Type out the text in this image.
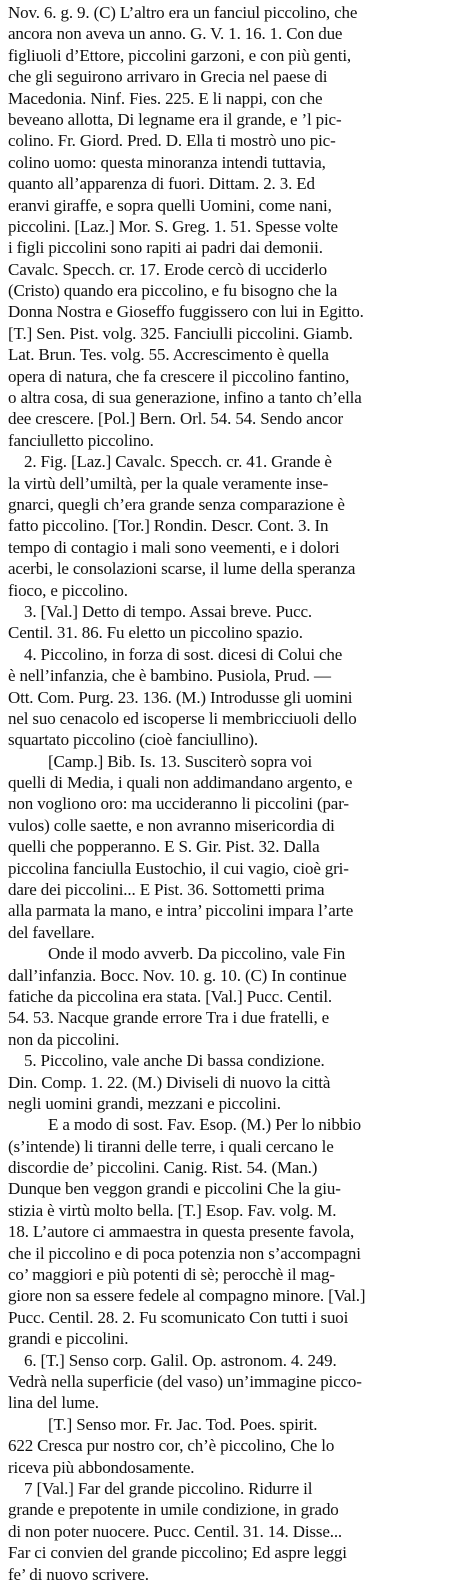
Nov. 6. g. 9. (C) L’altro era un fanciul piccolino, che
ancora non aveva un anno. G. V. 1. 16. 1. Con due
figliuoli d’Ettore, piccolini garzoni, e con più genti,
che gli seguirono arrivaro in Grecia nel paese di
Macedonia. Ninf. Fies. 225. E li nappi, con che
beveano allotta, Di legname era il grande, e ’l pic-
colino. Fr. Giord. Pred. D. Ella ti mostrò uno pic-
colino uomo: questa minoranza intendi tuttavia,
quanto all’apparenza di fuori. Dittam. 2. 3. Ed
eranvi giraffe, e sopra quelli Uomini, come nani,
piccolini. [Laz.] Mor. S. Greg. 1. 51. Spesse volte
i figli piccolini sono rapiti ai padri dai demonii.
Cavalc. Specch. cr. 17. Erode cercò di ucciderlo
(Cristo) quando era piccolino, e fu bisogno che la
Donna Nostra e Gioseffo fuggissero con lui in Egitto.
[T.] Sen. Pist. volg. 325. Fanciulli piccolini. Giamb.
Lat. Brun. Tes. volg. 55. Accrescimento è quella
opera di natura, che fa crescere il piccolino fantino,
o altra cosa, di sua generazione, infino a tanto ch’ella
dee crescere. [Pol.] Bern. Orl. 54. 54. Sendo ancor
fanciulletto piccolino.
2. Fig. [Laz.] Cavalc. Specch. cr. 41. Grande è
la virtù dell’umiltà, per la quale veramente inse-
gnarci, quegli ch’era grande senza comparazione è
fatto piccolino. [Tor.] Rondin. Descr. Cont. 3. In
tempo di contagio i mali sono veementi, e i dolori
acerbi, le consolazioni scarse, il lume della speranza
fioco, e piccolino.
3. [Val.] Detto di tempo. Assai breve. Pucc.
Centil. 31. 86. Fu eletto un piccolino spazio.
4. Piccolino, in forza di sost. dicesi di Colui che
è nell’infanzia, che è bambino. Pusiola, Prud. —
Ott. Com. Purg. 23. 136. (M.) Introdusse gli uomini
nel suo cenacolo ed iscoperse li membricciuoli dello
squartato piccolino (cioè fanciullino).
[Camp.] Bib. Is. 13. Susciterò sopra voi
quelli di Media, i quali non addimandano argento, e
non vogliono oro: ma uccideranno li piccolini (par-
vulos) colle saette, e non avranno misericordia di
quelli che popperanno. E S. Gir. Pist. 32. Dalla
piccolina fanciulla Eustochio, il cui vagio, cioè gri-
dare dei piccolini... E Pist. 36. Sottometti prima
alla parmata la mano, e intra’ piccolini impara l’arte
del favellare.
Onde il modo avverb. Da piccolino, vale Fin
dall’infanzia. Bocc. Nov. 10. g. 10. (C) In continue
fatiche da piccolina era stata. [Val.] Pucc. Centil.
54. 53. Nacque grande errore Tra i due fratelli, e
non da piccolini.
5. Piccolino, vale anche Di bassa condizione.
Din. Comp. 1. 22. (M.) Diviseli di nuovo la città
negli uomini grandi, mezzani e piccolini.
E a modo di sost. Fav. Esop. (M.) Per lo nibbio
(s’intende) li tiranni delle terre, i quali cercano le
discordie de’ piccolini. Canig. Rist. 54. (Man.)
Dunque ben veggon grandi e piccolini Che la giu-
stizia è virtù molto bella. [T.] Esop. Fav. volg. M.
18. L’autore ci ammaestra in questa presente favola,
che il piccolino e di poca potenzia non s’accompagni
co’ maggiori e più potenti di sè; perocchè il mag-
giore non sa essere fedele al compagno minore. [Val.]
Pucc. Centil. 28. 2. Fu scomunicato Con tutti i suoi
grandi e piccolini.
6. [T.] Senso corp. Galil. Op. astronom. 4. 249.
Vedrà nella superficie (del vaso) un’immagine picco-
lina del lume.
[T.] Senso mor. Fr. Jac. Tod. Poes. spirit.
622 Cresca pur nostro cor, ch’è piccolino, Che lo
riceva più abbondosamente.
7 [Val.] Far del grande piccolino. Ridurre il
grande e prepotente in umile condizione, in grado
di non poter nuocere. Pucc. Centil. 31. 14. Disse...
Far ci convien del grande piccolino; Ed aspre leggi
fe’ di nuovo scrivere.
